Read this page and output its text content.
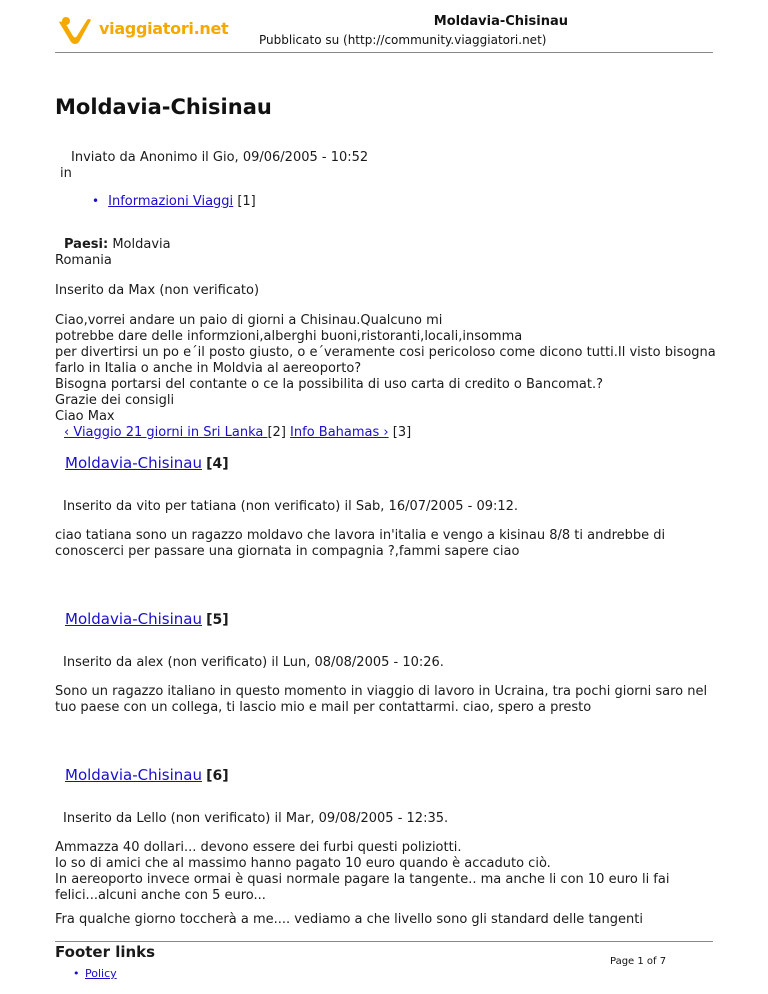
viaggiatori.net	Moldavia-Chisinau
Pubblicato su (http://community.viaggiatori.net)
Moldavia-Chisinau
Inviato da Anonimo il Gio, 09/06/2005 - 10:52
in
• Informazioni Viaggi [1]
Paesi: Moldavia
Romania
Inserito da Max (non verificato)

Ciao,vorrei andare un paio di giorni a Chisinau.Qualcuno mi

potrebbe dare delle informzioni,alberghi buoni,ristoranti,locali,insomma

per divertirsi un po e´il posto giusto, o e´veramente cosi pericoloso come dicono tutti.Il visto bisogna

farlo in Italia o anche in Moldvia al aereoporto?

Bisogna portarsi del contante o ce la possibilita di uso carta di credito o Bancomat.?

Grazie dei consigli

Ciao Max

‹ Viaggio 21 giorni in Sri Lanka [2] Info Bahamas › [3]
Moldavia-Chisinau [4]
Inserito da vito per tatiana (non verificato) il Sab, 16/07/2005 - 09:12.

ciao tatiana sono un ragazzo moldavo che lavora in'italia e vengo a kisinau 8/8 ti andrebbe di

conoscerci per passare una giornata in compagnia ?,fammi sapere ciao

Moldavia-Chisinau [5]
Inserito da alex (non verificato) il Lun, 08/08/2005 - 10:26.

Sono un ragazzo italiano in questo momento in viaggio di lavoro in Ucraina, tra pochi giorni saro nel

tuo paese con un collega, ti lascio mio e mail per contattarmi. ciao, spero a presto

Moldavia-Chisinau [6]
Inserito da Lello (non verificato) il Mar, 09/08/2005 - 12:35.

Ammazza 40 dollari... devono essere dei furbi questi poliziotti.

Io so di amici che al massimo hanno pagato 10 euro quando è accaduto ciò.

In aereoporto invece ormai è quasi normale pagare la tangente.. ma anche li con 10 euro li fai

felici...alcuni anche con 5 euro...

Fra qualche giorno toccherà a me.... vediamo a che livello sono gli standard delle tangenti
Footer links
• Policy
Page 1 of 7
